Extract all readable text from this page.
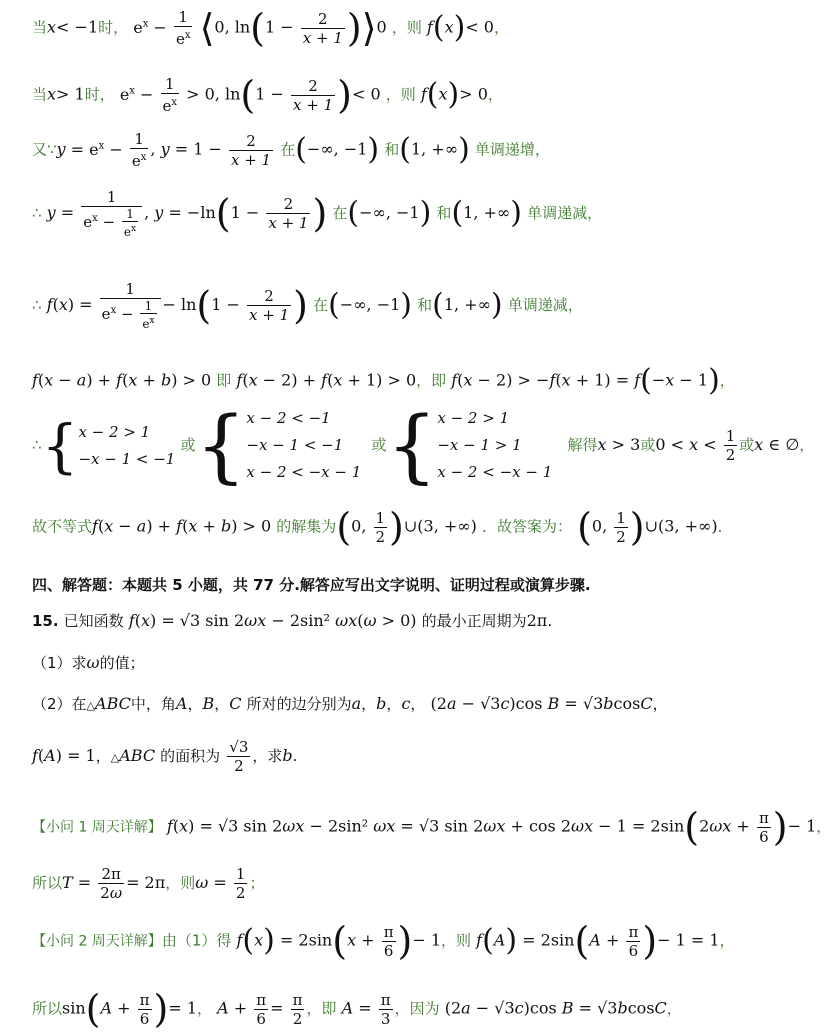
当x< −1时， $e^x - \frac{1}{e^x}$ ⟨0, $\ln(1 - \frac{2}{x + 1}$ )⟩0 ，则 f(x)< 0，
当x> 1时， $e^x - \frac{1}{e^x} > 0$, $\ln(1 - \frac{2}{x + 1}$ )< 0 ，则 f(x)> 0，
又∵y = $e^x - \frac{1}{e^x}$ , $y = 1 - \frac{2}{x + 1}$ 在(−∞, −1) 和(1, +∞) 单调递增，
∴ $y = \frac{1}{e^x - \frac{1}{e^x}}$ , $y = -\ln(1 - \frac{2}{x + 1}$ ) 在(−∞, −1) 和(1, +∞) 单调递减，
∴ $f(x) = \frac{1}{e^x - \frac{1}{e^x}} - \ln(1 - \frac{2}{x + 1}$ ) 在(−∞, −1) 和(1, +∞) 单调递减，
f(x − a) + f(x + b) > 0 即 f(x − 2) + f(x + 1) > 0，即 f(x − 2) > −f(x + 1) = f(−x − 1)，
∴{x − 2 > 1
−x − 1 < −1 或{x − 2 < −1
−x − 1 < −1
x − 2 < −x − 1  或{x − 2 > 1
−x − 1 > 1
x − 2 < −x − 1   解得x > 3或$0 < x < \frac{1}{2}$ 或x ∈ ∅，
故不等式f(x − a) + f(x + b) > 0 的解集为(0, $\frac{1}{2}$ )∪(3, +∞) ．故答案为： (0, $\frac{1}{2}$ )∪(3, +∞)．
四、解答题：本题共 5 小题，共 77 分.解答应写出文字说明、证明过程或演算步骤.
15. 已知函数 f(x) = √3 sin 2ωx − 2sin² ωx(ω > 0) 的最小正周期为2π.
（1）求ω的值；
（2）在△ABC中，角A，B，C 所对的边分别为a，b，c， (2a − √3c)cos B = √3bcosC，
f(A) = 1，△ABC 的面积为 $\frac{√3}{2}$ ，求b.
【小问 1 周天详解】 f(x) = √3 sin 2ωx − 2sin² ωx = √3 $\sin 2\omega x + \cos 2\omega x - 1 = 2\sin(2\omega x + \frac{\pi}{6}$ )− 1，
所以$T = \frac{2\pi}{2\omega} = 2\pi$，则$\omega = \frac{1}{2}$ ；
【小问 2 周天详解】由（1）得 $f(x) = 2\sin(x + \frac{\pi}{6}$ )− 1，则 $f(A) = 2\sin(A + \frac{\pi}{6}$ )− 1 = 1，
所以$\sin(A + \frac{\pi}{6}$ )= 1， $A + \frac{\pi}{6} = \frac{\pi}{2}$ ，即 $A = \frac{\pi}{3}$ ，因为 (2a − √3c)cos B = √3bcosC，
